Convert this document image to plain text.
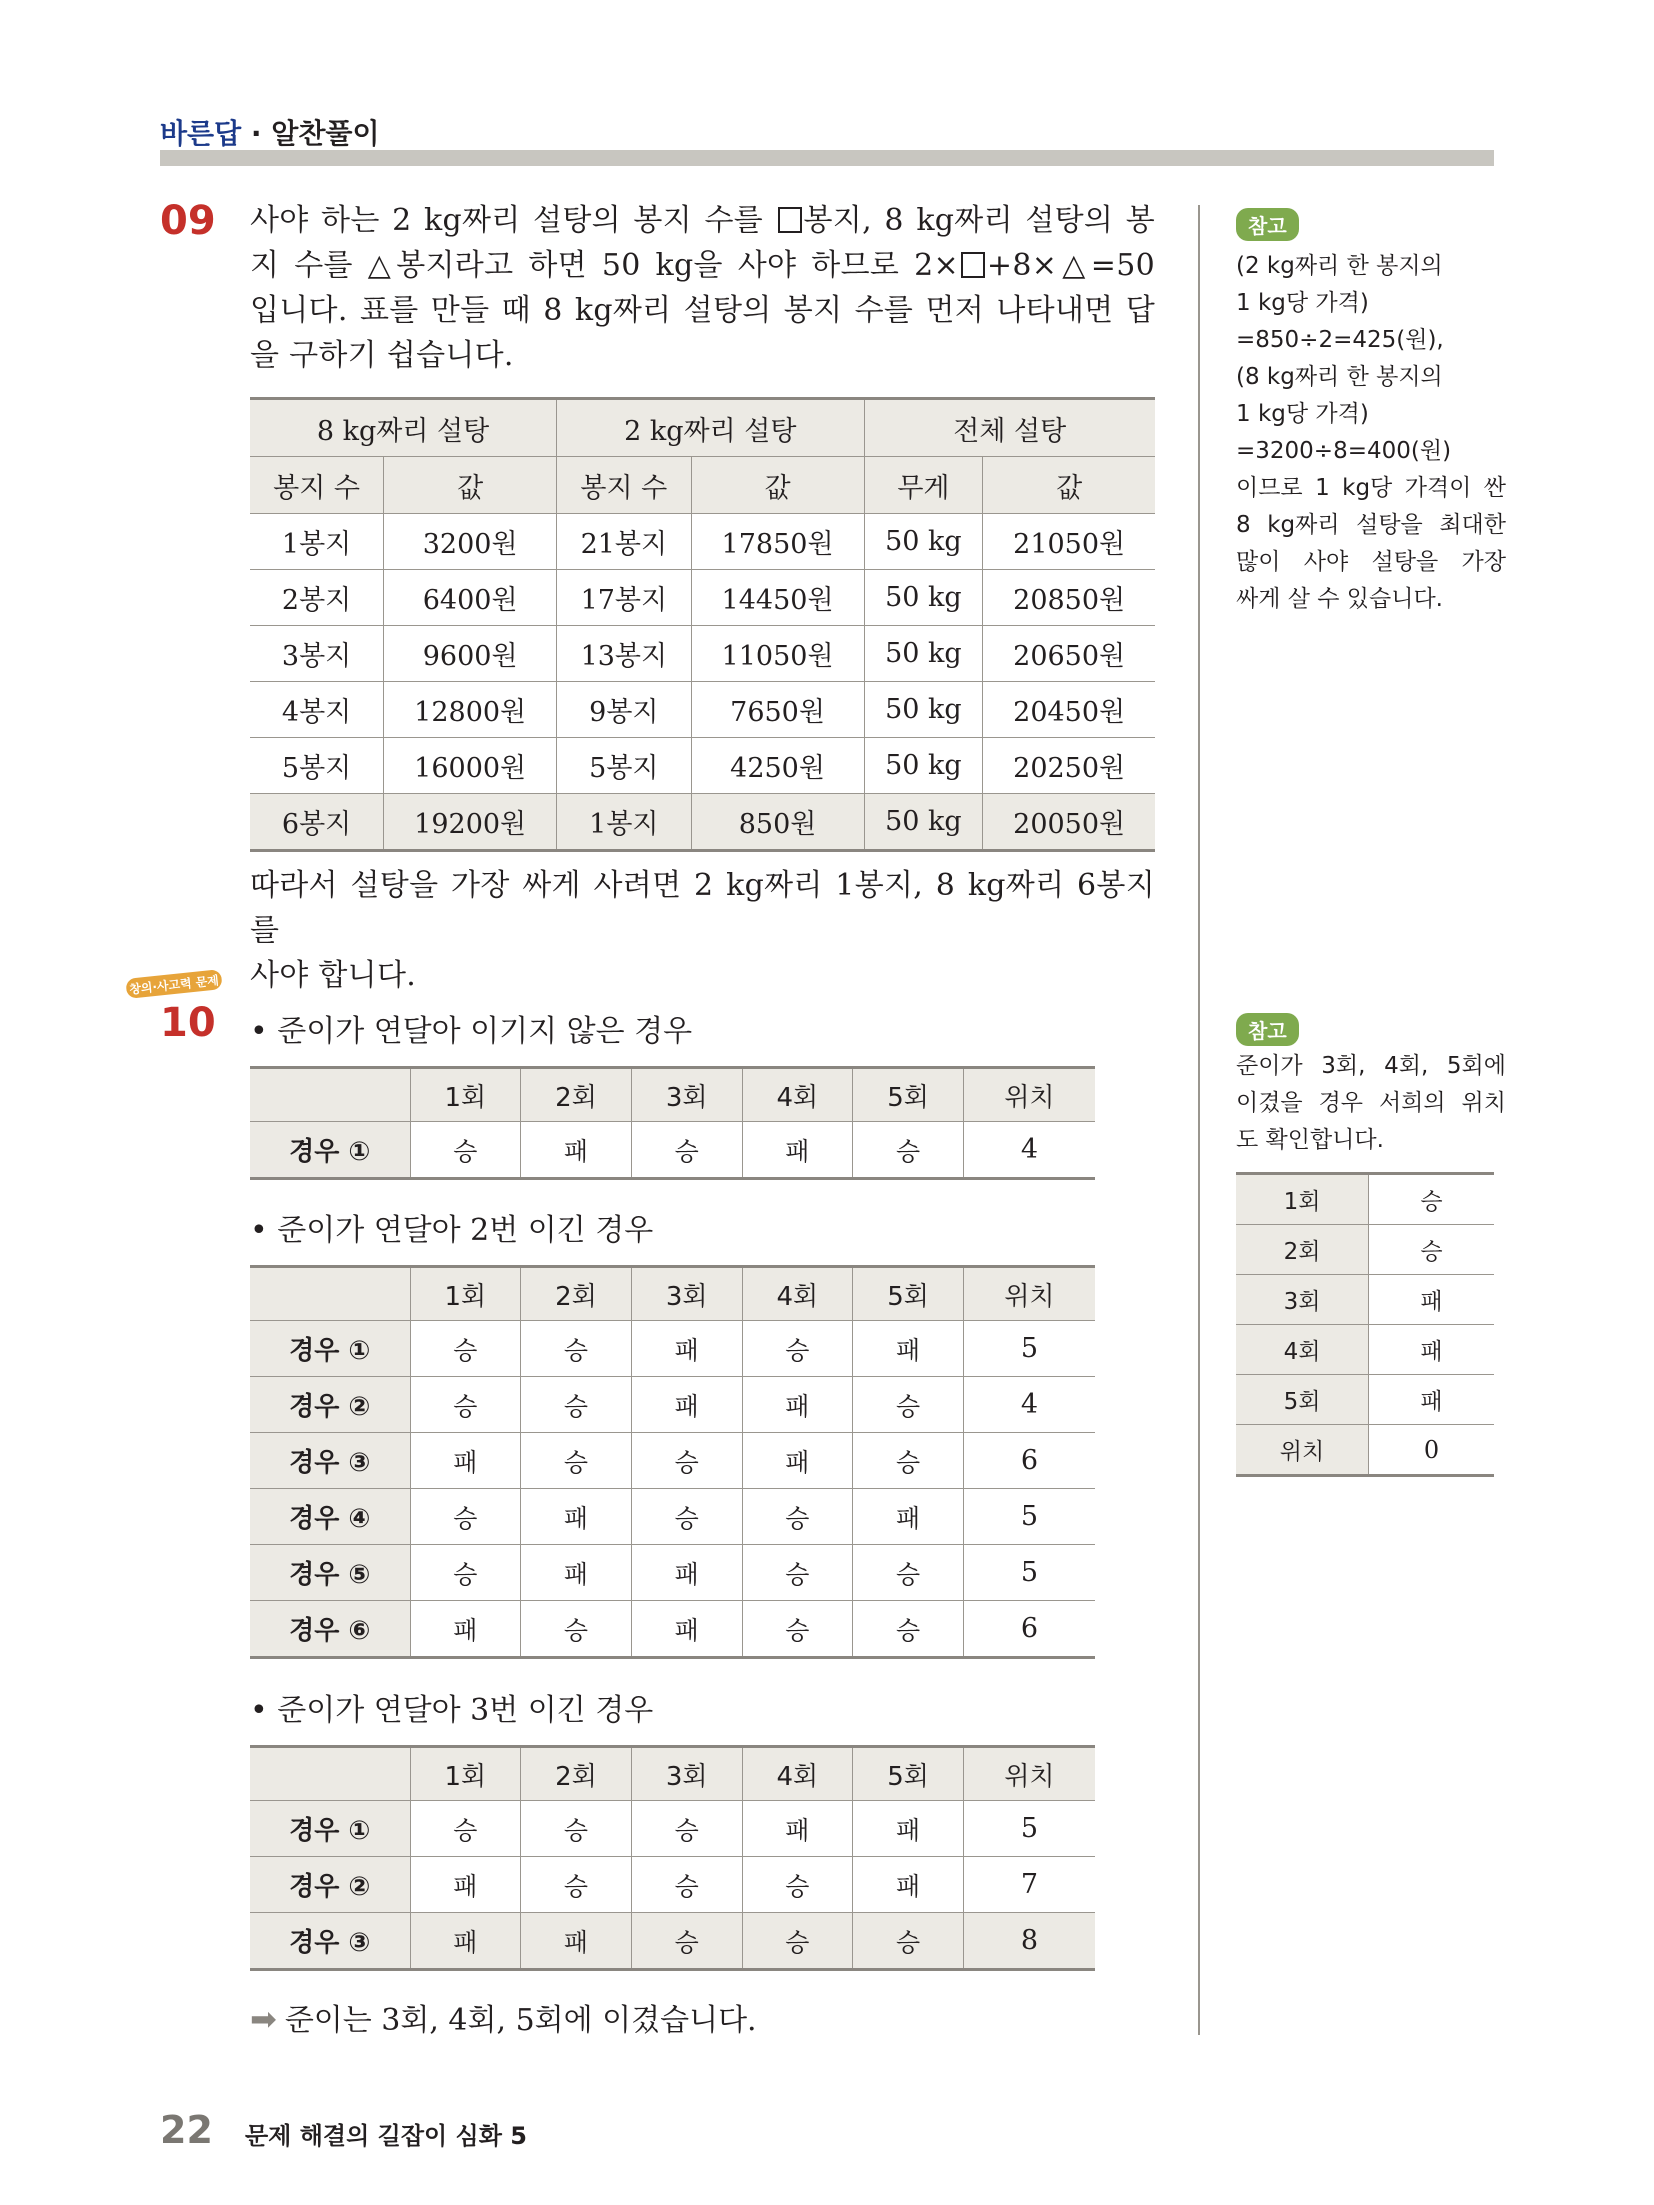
바른답 · 알찬풀이
09 사야 하는 2 kg짜리 설탕의 봉지 수를 봉지, 8 kg짜리 설탕의 봉

지 수를 △봉지라고 하면 50 kg을 사야 하므로 2× +8×△=50

입니다. 표를 만들 때 8 kg짜리 설탕의 봉지 수를 먼저 나타내면 답

을 구하기 쉽습니다.

8 kg짜리 설탕		2 kg짜리 설탕		전체 설탕	
봉지 수	값	봉지 수	값	무게	값
1봉지	3200원	21봉지	17850원	50 kg	21050원
2봉지	6400원	17봉지	14450원	50 kg	20850원
3봉지	9600원	13봉지	11050원	50 kg	20650원
4봉지	12800원	9봉지	7650원	50 kg	20450원
5봉지	16000원	5봉지	4250원	50 kg	20250원
6봉지	19200원	1봉지	850원	50 kg	20050원

따라서 설탕을 가장 싸게 사려면 2 kg짜리 1봉지, 8 kg짜리 6봉지를

사야 합니다.

창의·사고력 문제
10 • 준이가 연달아 이기지 않은 경우
	1회	2회	3회	4회	5회	위치
경우 ①	승	패	승	패	승	4
• 준이가 연달아 2번 이긴 경우
	1회	2회	3회	4회	5회	위치
경우 ①	승	승	패	승	패	5
경우 ②	승	승	패	패	승	4
경우 ③	패	승	승	패	승	6
경우 ④	승	패	승	승	패	5
경우 ⑤	승	패	패	승	승	5
경우 ⑥	패	승	패	승	승	6
• 준이가 연달아 3번 이긴 경우
	1회	2회	3회	4회	5회	위치
경우 ①	승	승	승	패	패	5
경우 ②	패	승	승	승	패	7
경우 ③	패	패	승	승	승	8
➡ 준이는 3회, 4회, 5회에 이겼습니다.
참고

(2 kg짜리 한 봉지의

1 kg당 가격)

=850÷2=425(원),

(8 kg짜리 한 봉지의

1 kg당 가격)

=3200÷8=400(원)

이므로 1 kg당 가격이 싼

8 kg짜리 설탕을 최대한

많이 사야 설탕을 가장

싸게 살 수 있습니다.

참고

준이가 3회, 4회, 5회에

이겼을 경우 서희의 위치

도 확인합니다.

1회	승
2회	승
3회	패
4회	패
5회	패
위치	0
22 문제 해결의 길잡이 심화 5
